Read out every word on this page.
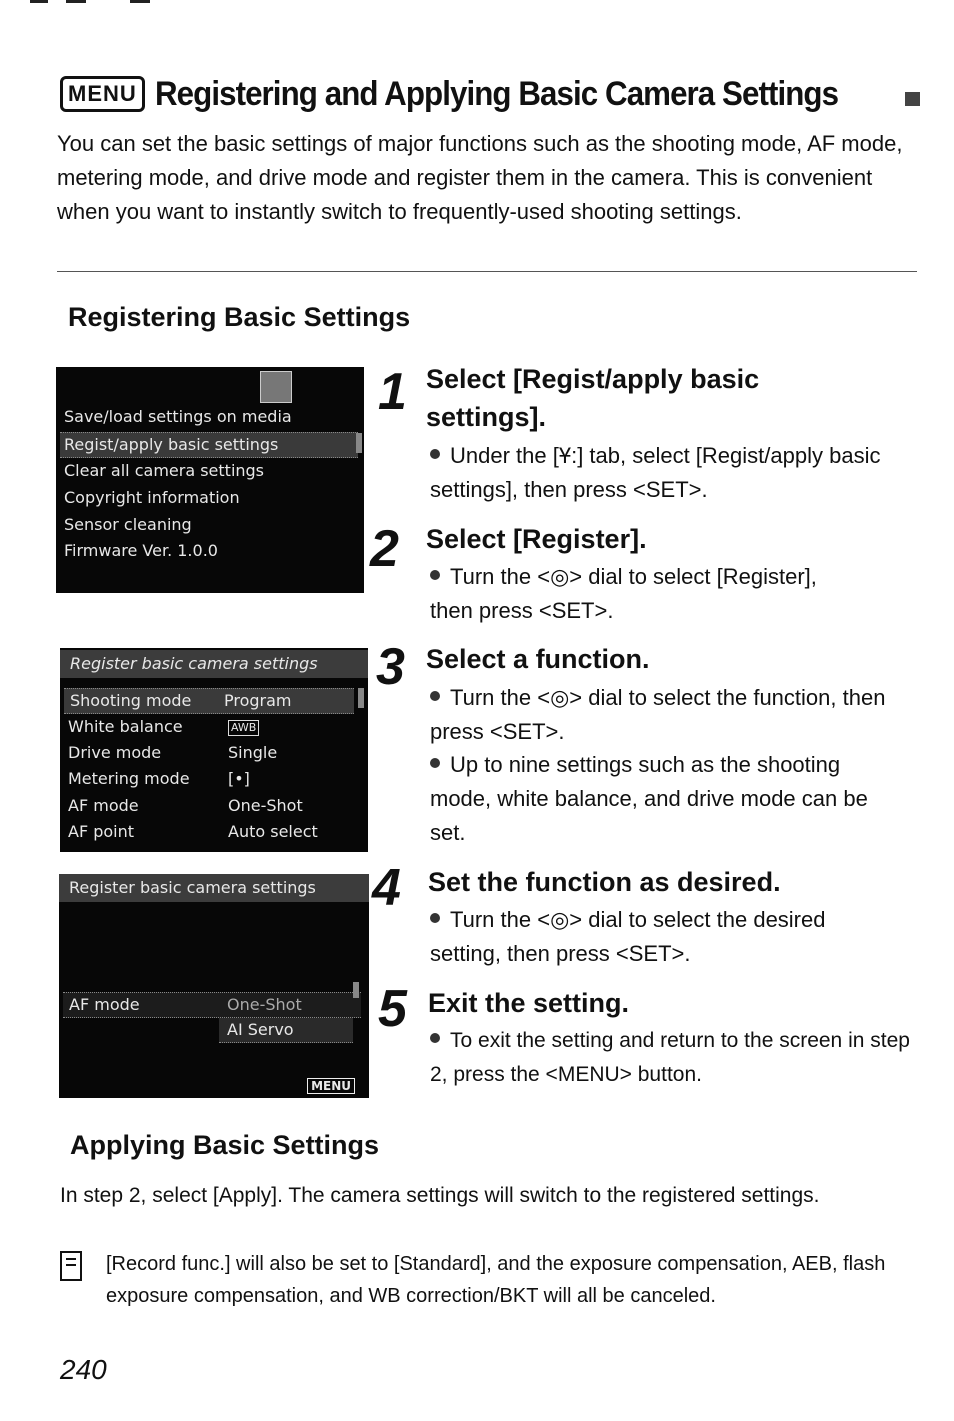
MENU Registering and Applying Basic Camera Settings
You can set the basic settings of major functions such as the shooting mode, AF mode, metering mode, and drive mode and register them in the camera. This is convenient when you want to instantly switch to frequently-used shooting settings.
Registering Basic Settings
Save/load settings on media
Regist/apply basic settings
Clear all camera settings
Copyright information
Sensor cleaning
Firmware Ver. 1.0.0
Register basic camera settings
Shooting mode Program
White balance	AWB
Drive mode	Single
Metering mode [•]
AF mode	One-Shot
AF point	Auto select
Register basic camera settings
AF mode	One-Shot
AI Servo
MENU
1 Select [Regist/apply basic settings].
Under the [Ұ:] tab, select [Regist/apply basic settings], then press <SET>.
2 Select [Register].
Turn the <◎> dial to select [Register], then press <SET>.
3 Select a function.
Turn the <◎> dial to select the function, then press <SET>.
Up to nine settings such as the shooting mode, white balance, and drive mode can be set.
4 Set the function as desired.
Turn the <◎> dial to select the desired setting, then press <SET>.
5 Exit the setting.
To exit the setting and return to the screen in step 2, press the <MENU> button.
Applying Basic Settings
In step 2, select [Apply]. The camera settings will switch to the registered settings.
[Record func.] will also be set to [Standard], and the exposure compensation, AEB, flash exposure compensation, and WB correction/BKT will all be canceled.
240
